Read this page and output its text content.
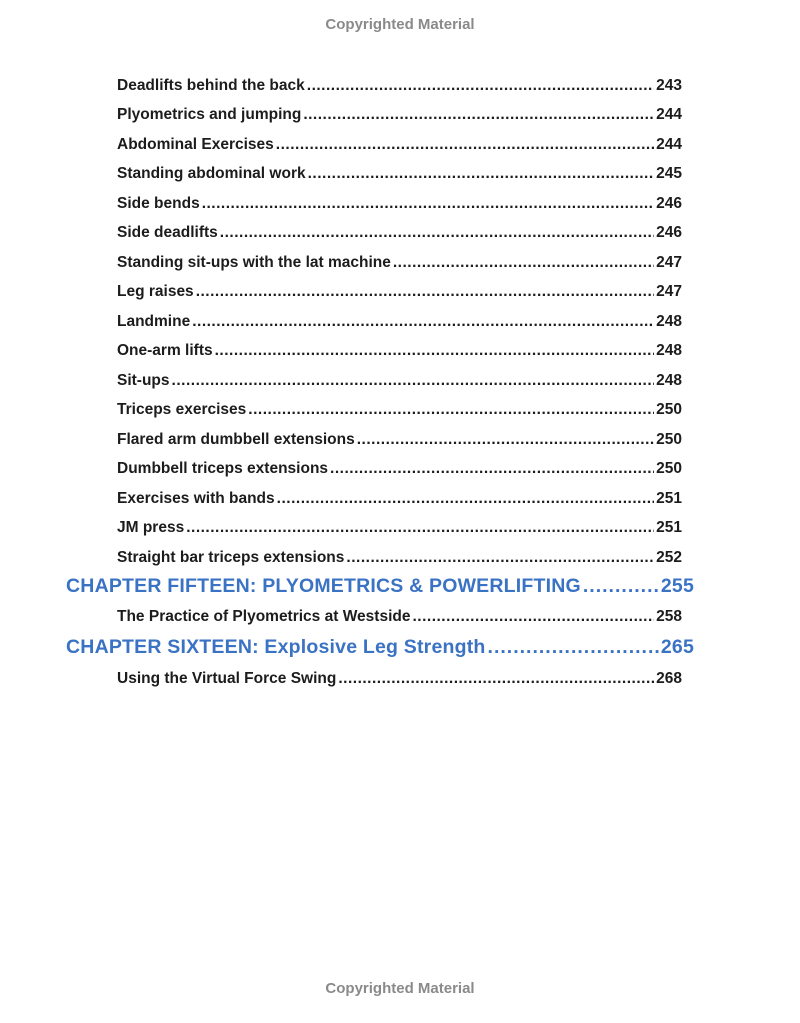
Copyrighted Material
Deadlifts behind the back .....	243
Plyometrics and jumping .....	244
Abdominal Exercises .....	244
Standing abdominal work .....	245
Side bends .....	246
Side deadlifts .....	246
Standing sit-ups with the lat machine .....	247
Leg raises .....	247
Landmine .....	248
One-arm lifts .....	248
Sit-ups .....	248
Triceps exercises .....	250
Flared arm dumbbell extensions .....	250
Dumbbell triceps extensions .....	250
Exercises with bands .....	251
JM press .....	251
Straight bar triceps extensions .....	252
CHAPTER FIFTEEN: PLYOMETRICS & POWERLIFTING .....	255
The Practice of Plyometrics at Westside .....	258
CHAPTER SIXTEEN: Explosive Leg Strength .....	265
Using the Virtual Force Swing .....	268
Copyrighted Material
